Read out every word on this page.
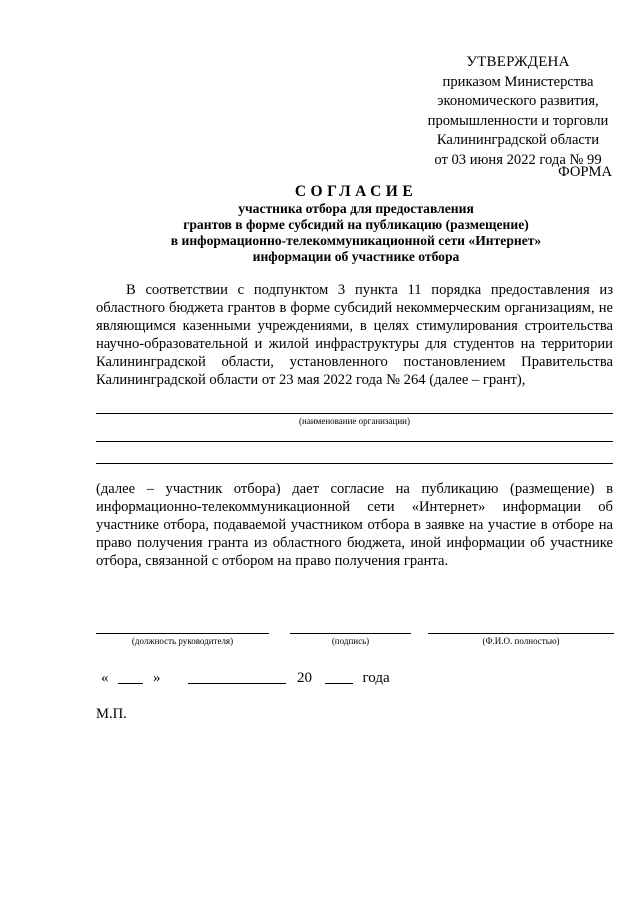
УТВЕРЖДЕНА
приказом Министерства
экономического развития,
промышленности и торговли
Калининградской области
от 03 июня 2022 года № 99
ФОРМА
СОГЛАСИЕ
участника отбора для предоставления
грантов в форме субсидий на публикацию (размещение)
в информационно-телекоммуникационной сети «Интернет»
информации об участнике отбора
В соответствии с подпунктом 3 пункта 11 порядка предоставления из областного бюджета грантов в форме субсидий некоммерческим организациям, не являющимся казенными учреждениями, в целях стимулирования строительства научно-образовательной и жилой инфраструктуры для студентов на территории Калининградской области, установленного постановлением Правительства Калининградской области от 23 мая 2022 года № 264 (далее – грант),
(наименование организации)
(далее – участник отбора) дает согласие на публикацию (размещение) в информационно-телекоммуникационной сети «Интернет» информации об участнике отбора, подаваемой участником отбора в заявке на участие в отборе на право получения гранта из областного бюджета, иной информации об участнике отбора, связанной с отбором на право получения гранта.
(должность руководителя)	(подпись)	(Ф.И.О. полностью)
«	»	20	года
М.П.
